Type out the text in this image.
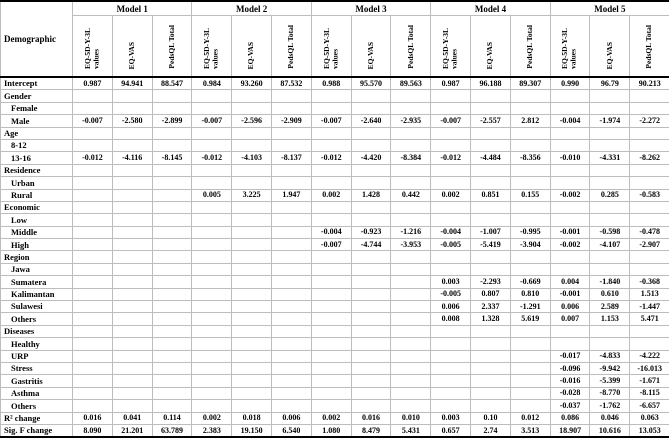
Demographic	Model 1			Model 2			Model 3			Model 4			Model 5		
	EQ-5D-Y-3L values	EQ-VAS	PedsQL Total	EQ-5D-Y-3L values	EQ-VAS	PedsQL Total	EQ-5D-Y-3L values	EQ-VAS	PedsQL Total	EQ-5D-Y-3L values	EQ-VAS	PedsQL Total	EQ-5D-Y-3L values	EQ-VAS	PedsQL Total
Intercept	0.987	94.941	88.547	0.984	93.260	87.532	0.988	95.570	89.563	0.987	96.188	89.307	0.990	96.79	90.213
Gender															
Female															
Male	-0.007	-2.580	-2.899	-0.007	-2.596	-2.909	-0.007	-2.640	-2.935	-0.007	-2.557	2.812	-0.004	-1.974	-2.272
Age															
8-12															
13-16	-0.012	-4.116	-8.145	-0.012	-4.103	-8.137	-0.012	-4.420	-8.384	-0.012	-4.484	-8.356	-0.010	-4.331	-8.262
Residence															
Urban															
Rural				0.005	3.225	1.947	0.002	1.428	0.442	0.002	0.851	0.155	-0.002	0.285	-0.583
Economic															
Low															
Middle							-0.004	-0.923	-1.216	-0.004	-1.007	-0.995	-0.001	-0.598	-0.478
High							-0.007	-4.744	-3.953	-0.005	-5.419	-3.904	-0.002	-4.107	-2.907
Region															
Jawa															
Sumatera										0.003	-2.293	-0.669	0.004	-1.840	-0.368
Kalimantan										-0.005	0.807	0.810	-0.001	0.610	1.513
Sulawesi										0.006	2.337	-1.291	0.006	2.589	-1.447
Others										0.008	1.328	5.619	0.007	1.153	5.471
Diseases															
Healthy															
URP													-0.017	-4.833	-4.222
Stress													-0.096	-9.942	-16.013
Gastritis													-0.016	-5.399	-1.671
Asthma													-0.028	-8.770	-8.115
Others													-0.037	-1.762	-6.657
R² change	0.016	0.041	0.114	0.002	0.018	0.006	0.002	0.016	0.010	0.003	0.10	0.012	0.086	0.046	0.063
Sig. F change	8.090	21.201	63.789	2.383	19.150	6.540	1.080	8.479	5.431	0.657	2.74	3.513	18.907	10.616	13.053
